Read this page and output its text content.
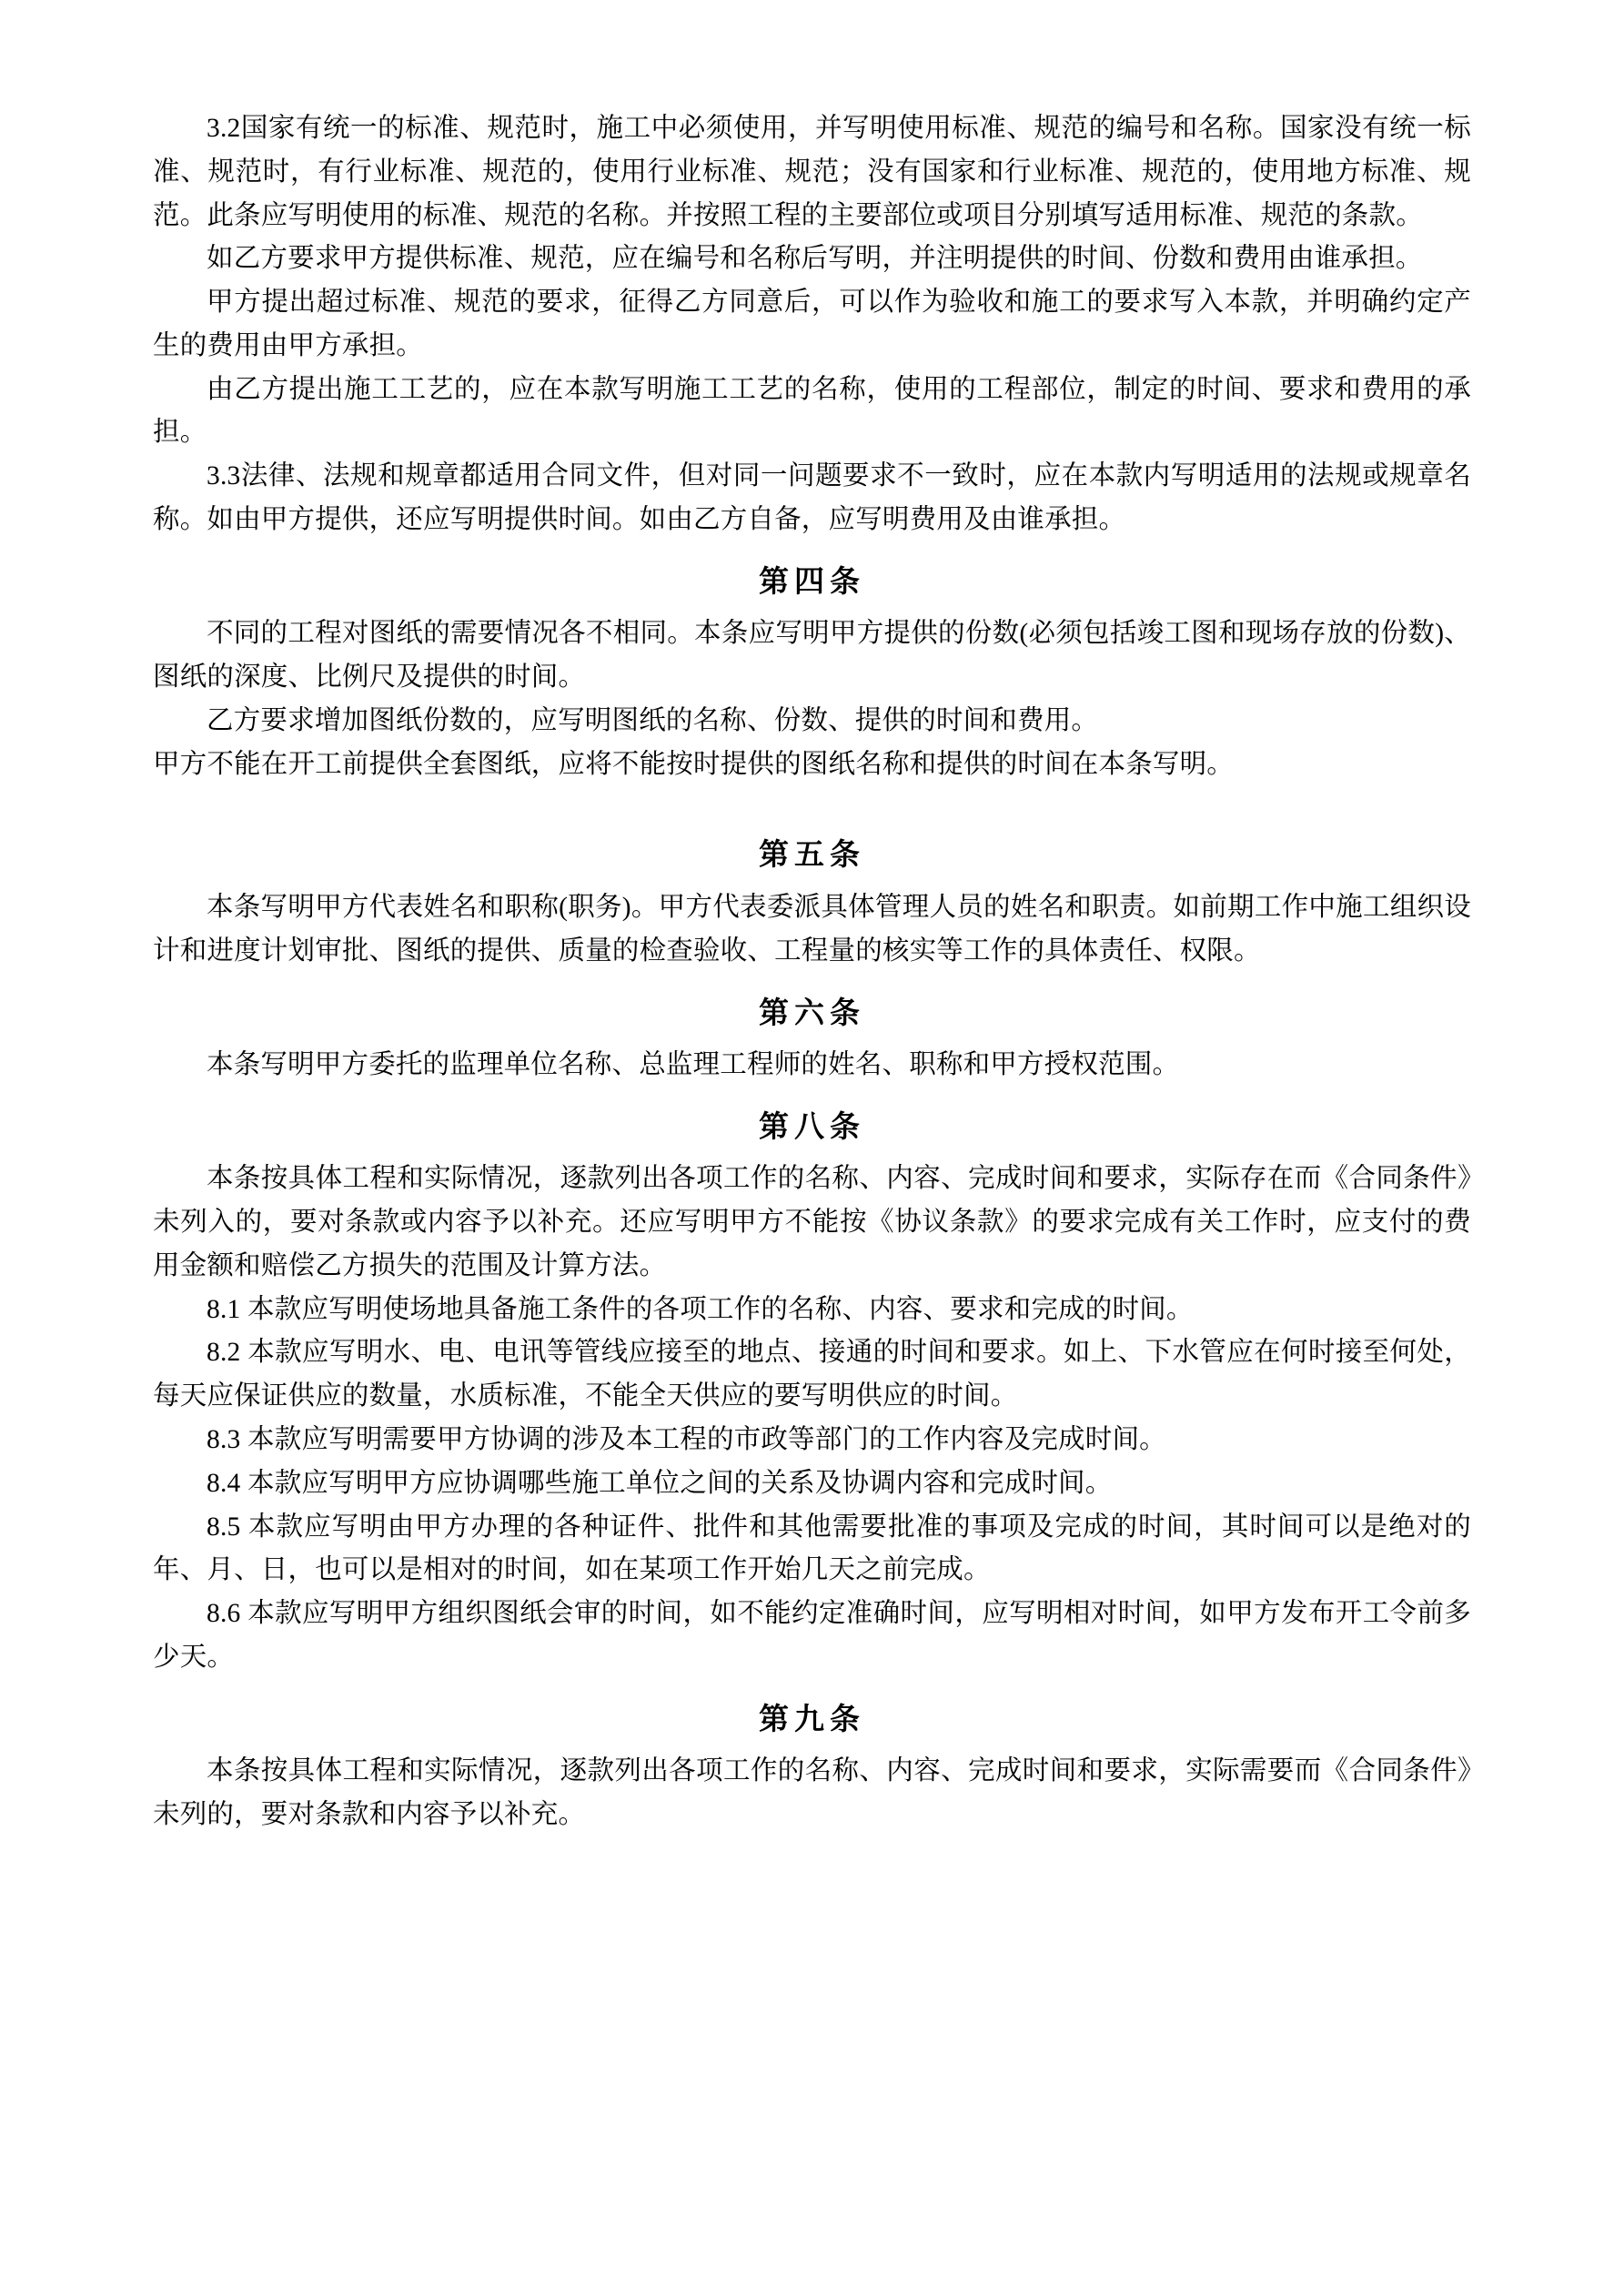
3.2国家有统一的标准、规范时，施工中必须使用，并写明使用标准、规范的编号和名称。国家没有统一标准、规范时，有行业标准、规范的，使用行业标准、规范；没有国家和行业标准、规范的，使用地方标准、规范。此条应写明使用的标准、规范的名称。并按照工程的主要部位或项目分别填写适用标准、规范的条款。

如乙方要求甲方提供标准、规范，应在编号和名称后写明，并注明提供的时间、份数和费用由谁承担。

甲方提出超过标准、规范的要求，征得乙方同意后，可以作为验收和施工的要求写入本款，并明确约定产生的费用由甲方承担。

由乙方提出施工工艺的，应在本款写明施工工艺的名称，使用的工程部位，制定的时间、要求和费用的承担。

3.3法律、法规和规章都适用合同文件，但对同一问题要求不一致时，应在本款内写明适用的法规或规章名称。如由甲方提供，还应写明提供时间。如由乙方自备，应写明费用及由谁承担。

第四条

不同的工程对图纸的需要情况各不相同。本条应写明甲方提供的份数(必须包括竣工图和现场存放的份数)、图纸的深度、比例尺及提供的时间。

乙方要求增加图纸份数的，应写明图纸的名称、份数、提供的时间和费用。

甲方不能在开工前提供全套图纸，应将不能按时提供的图纸名称和提供的时间在本条写明。

第五条

本条写明甲方代表姓名和职称(职务)。甲方代表委派具体管理人员的姓名和职责。如前期工作中施工组织设计和进度计划审批、图纸的提供、质量的检查验收、工程量的核实等工作的具体责任、权限。

第六条

本条写明甲方委托的监理单位名称、总监理工程师的姓名、职称和甲方授权范围。

第八条

本条按具体工程和实际情况，逐款列出各项工作的名称、内容、完成时间和要求，实际存在而《合同条件》未列入的，要对条款或内容予以补充。还应写明甲方不能按《协议条款》的要求完成有关工作时，应支付的费用金额和赔偿乙方损失的范围及计算方法。

8.1 本款应写明使场地具备施工条件的各项工作的名称、内容、要求和完成的时间。

8.2 本款应写明水、电、电讯等管线应接至的地点、接通的时间和要求。如上、下水管应在何时接至何处，每天应保证供应的数量，水质标准，不能全天供应的要写明供应的时间。

8.3 本款应写明需要甲方协调的涉及本工程的市政等部门的工作内容及完成时间。

8.4 本款应写明甲方应协调哪些施工单位之间的关系及协调内容和完成时间。

8.5 本款应写明由甲方办理的各种证件、批件和其他需要批准的事项及完成的时间，其时间可以是绝对的年、月、日，也可以是相对的时间，如在某项工作开始几天之前完成。

8.6 本款应写明甲方组织图纸会审的时间，如不能约定准确时间，应写明相对时间，如甲方发布开工令前多少天。

第九条

本条按具体工程和实际情况，逐款列出各项工作的名称、内容、完成时间和要求，实际需要而《合同条件》未列的，要对条款和内容予以补充。
